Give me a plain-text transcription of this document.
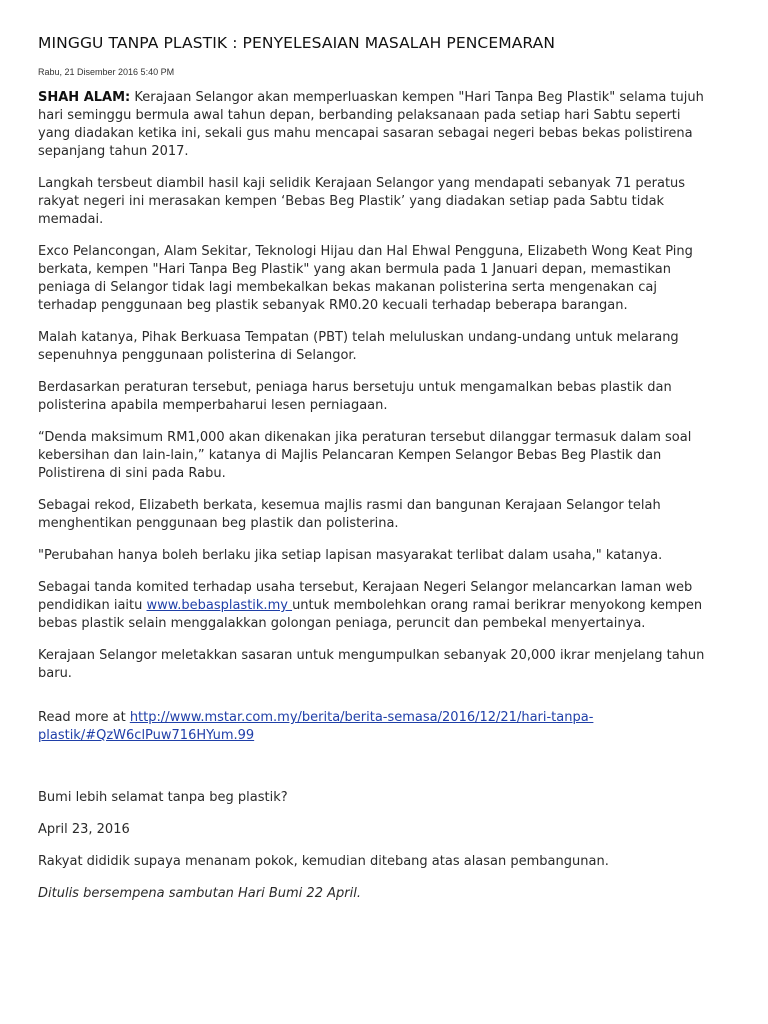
MINGGU TANPA PLASTIK : PENYELESAIAN MASALAH PENCEMARAN
Rabu, 21 Disember 2016 5:40 PM

SHAH ALAM: Kerajaan Selangor akan memperluaskan kempen "Hari Tanpa Beg Plastik" selama tujuh hari seminggu bermula awal tahun depan, berbanding pelaksanaan pada setiap hari Sabtu seperti yang diadakan ketika ini, sekali gus mahu mencapai sasaran sebagai negeri bebas bekas polistirena sepanjang tahun 2017.

Langkah tersbeut diambil hasil kaji selidik Kerajaan Selangor yang mendapati sebanyak 71 peratus rakyat negeri ini merasakan kempen ‘Bebas Beg Plastik’ yang diadakan setiap pada Sabtu tidak memadai.

Exco Pelancongan, Alam Sekitar, Teknologi Hijau dan Hal Ehwal Pengguna, Elizabeth Wong Keat Ping berkata, kempen "Hari Tanpa Beg Plastik" yang akan bermula pada 1 Januari depan, memastikan peniaga di Selangor tidak lagi membekalkan bekas makanan polisterina serta mengenakan caj terhadap penggunaan beg plastik sebanyak RM0.20 kecuali terhadap beberapa barangan.

Malah katanya, Pihak Berkuasa Tempatan (PBT) telah meluluskan undang-undang untuk melarang sepenuhnya penggunaan polisterina di Selangor.

Berdasarkan peraturan tersebut, peniaga harus bersetuju untuk mengamalkan bebas plastik dan polisterina apabila memperbaharui lesen perniagaan.

“Denda maksimum RM1,000 akan dikenakan jika peraturan tersebut dilanggar termasuk dalam soal kebersihan dan lain-lain,” katanya di Majlis Pelancaran Kempen Selangor Bebas Beg Plastik dan Polistirena di sini pada Rabu.

Sebagai rekod, Elizabeth berkata, kesemua majlis rasmi dan bangunan Kerajaan Selangor telah menghentikan penggunaan beg plastik dan polisterina.

"Perubahan hanya boleh berlaku jika setiap lapisan masyarakat terlibat dalam usaha," katanya.

Sebagai tanda komited terhadap usaha tersebut, Kerajaan Negeri Selangor melancarkan laman web pendidikan iaitu www.bebasplastik.my untuk membolehkan orang ramai berikrar menyokong kempen bebas plastik selain menggalakkan golongan peniaga, peruncit dan pembekal menyertainya.

Kerajaan Selangor meletakkan sasaran untuk mengumpulkan sebanyak 20,000 ikrar menjelang tahun baru.

Read more at http://www.mstar.com.my/berita/berita-semasa/2016/12/21/hari-tanpa-plastik/#QzW6clPuw716HYum.99

Bumi lebih selamat tanpa beg plastik?

April 23, 2016

Rakyat dididik supaya menanam pokok, kemudian ditebang atas alasan pembangunan.

Ditulis bersempena sambutan Hari Bumi 22 April.
